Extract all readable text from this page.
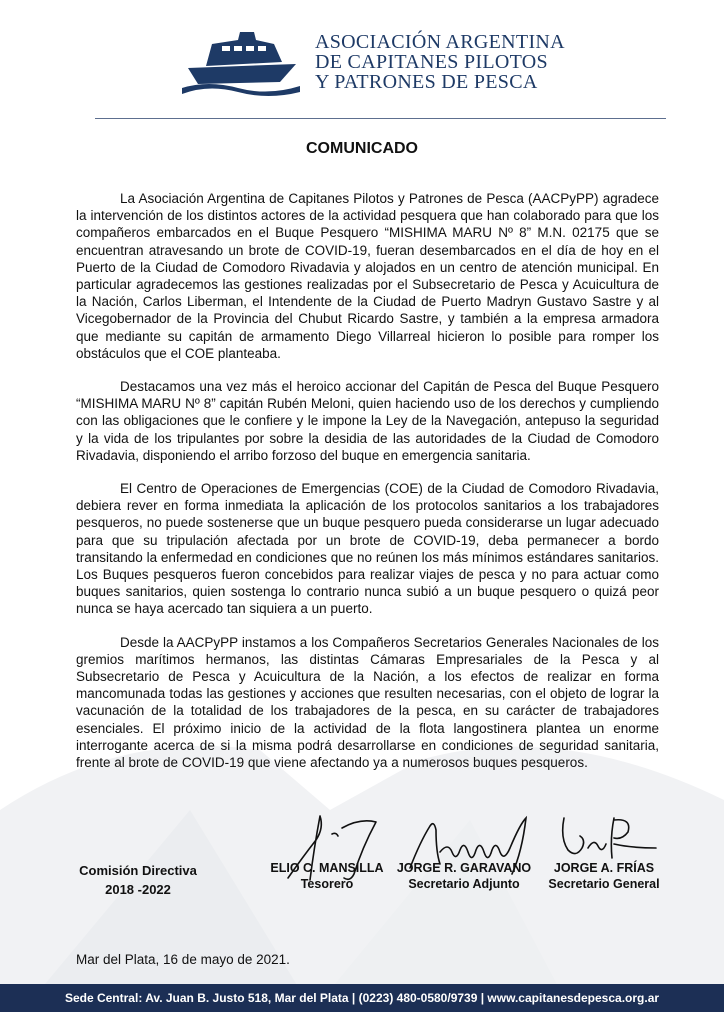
ASOCIACIÓN ARGENTINA
DE CAPITANES PILOTOS
Y PATRONES DE PESCA
COMUNICADO

La Asociación Argentina de Capitanes Pilotos y Patrones de Pesca (AACPyPP) agradece la intervención de los distintos actores de la actividad pesquera que han colaborado para que los compañeros embarcados en el Buque Pesquero “MISHIMA MARU Nº 8” M.N. 02175 que se encuentran atravesando un brote de COVID-19, fueran desembarcados en el día de hoy en el Puerto de la Ciudad de Comodoro Rivadavia y alojados en un centro de atención municipal. En particular agradecemos las gestiones realizadas por el Subsecretario de Pesca y Acuicultura de la Nación, Carlos Liberman, el Intendente de la Ciudad de Puerto Madryn Gustavo Sastre y al Vicegobernador de la Provincia del Chubut Ricardo Sastre, y también a la empresa armadora que mediante su capitán de armamento Diego Villarreal hicieron lo posible para romper los obstáculos que el COE planteaba.

Destacamos una vez más el heroico accionar del Capitán de Pesca del Buque Pesquero “MISHIMA MARU Nº 8” capitán Rubén Meloni, quien haciendo uso de los derechos y cumpliendo con las obligaciones que le confiere y le impone la Ley de la Navegación, antepuso la seguridad y la vida de los tripulantes por sobre la desidia de las autoridades de la Ciudad de Comodoro Rivadavia, disponiendo el arribo forzoso del buque en emergencia sanitaria.

El Centro de Operaciones de Emergencias (COE) de la Ciudad de Comodoro Rivadavia, debiera rever en forma inmediata la aplicación de los protocolos sanitarios a los trabajadores pesqueros, no puede sostenerse que un buque pesquero pueda considerarse un lugar adecuado para que su tripulación afectada por un brote de COVID-19, deba permanecer a bordo transitando la enfermedad en condiciones que no reúnen los más mínimos estándares sanitarios. Los Buques pesqueros fueron concebidos para realizar viajes de pesca y no para actuar como buques sanitarios, quien sostenga lo contrario nunca subió a un buque pesquero o quizá peor nunca se haya acercado tan siquiera a un puerto.

Desde la AACPyPP instamos a los Compañeros Secretarios Generales Nacionales de los gremios marítimos hermanos, las distintas Cámaras Empresariales de la Pesca y al Subsecretario de Pesca y Acuicultura de la Nación, a los efectos de realizar en forma mancomunada todas las gestiones y acciones que resulten necesarias, con el objeto de lograr la vacunación de la totalidad de los trabajadores de la pesca, en su carácter de trabajadores esenciales. El próximo inicio de la actividad de la flota langostinera plantea un enorme interrogante acerca de si la misma podrá desarrollarse en condiciones de seguridad sanitaria, frente al brote de COVID-19 que viene afectando ya a numerosos buques pesqueros.

Comisión Directiva
2018 -2022
ELIO C. MANSILLA
Tesorero
JORGE R. GARAVANO
Secretario Adjunto
JORGE A. FRÍAS
Secretario General
Mar del Plata, 16 de mayo de 2021.
Sede Central: Av. Juan B. Justo 518, Mar del Plata | (0223) 480-0580/9739 | www.capitanesdepesca.org.ar
